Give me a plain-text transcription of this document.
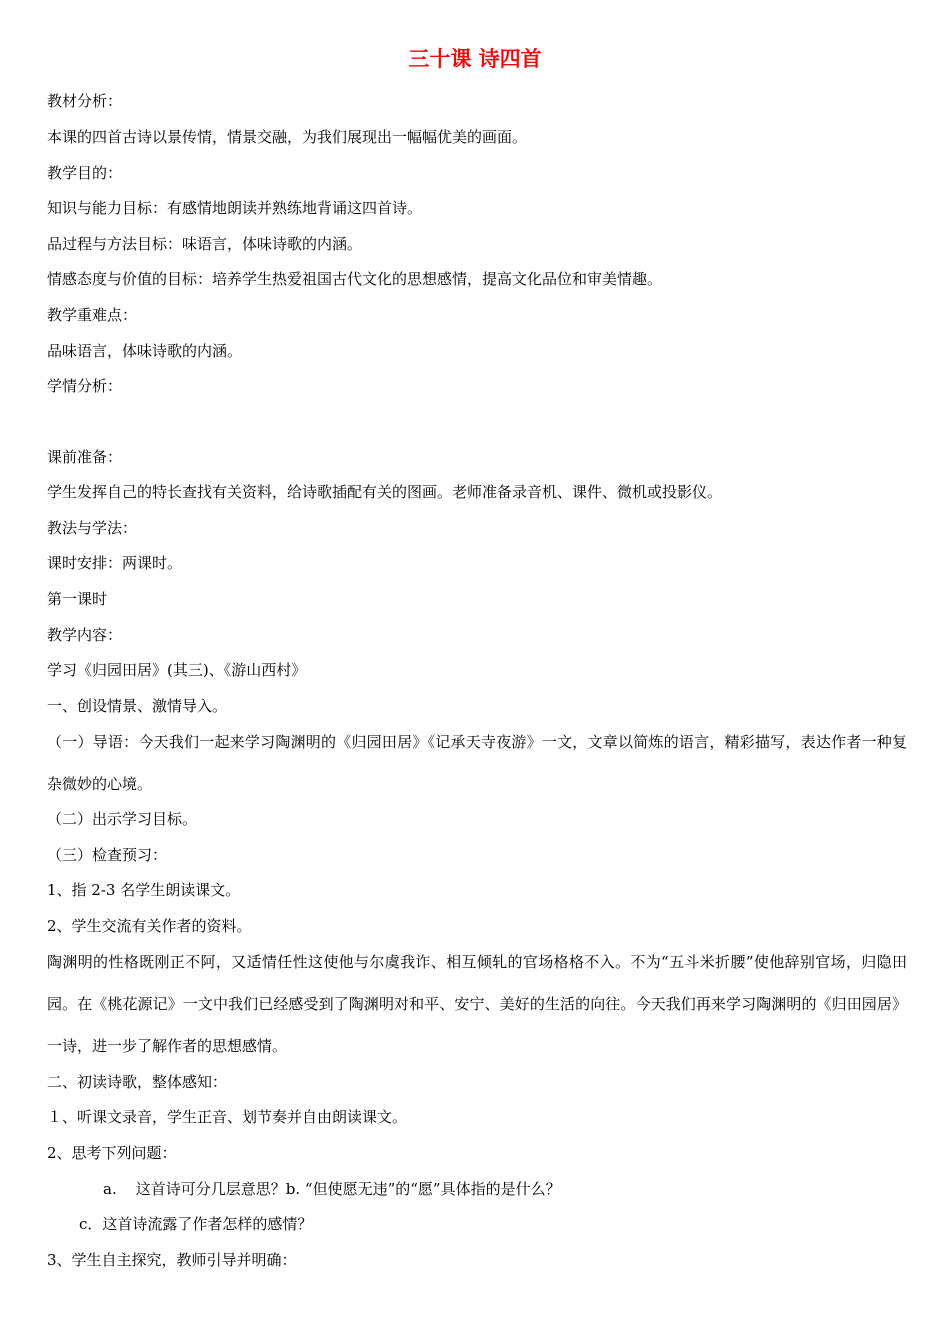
三十课 诗四首
教材分析：
本课的四首古诗以景传情，情景交融，为我们展现出一幅幅优美的画面。
教学目的：
知识与能力目标：有感情地朗读并熟练地背诵这四首诗。
品过程与方法目标：味语言，体味诗歌的内涵。
情感态度与价值的目标：培养学生热爱祖国古代文化的思想感情，提高文化品位和审美情趣。
教学重难点：
品味语言，体味诗歌的内涵。
学情分析：
课前准备：
学生发挥自己的特长查找有关资料，给诗歌插配有关的图画。老师准备录音机、课件、微机或投影仪。
教法与学法：
课时安排：两课时。
第一课时
教学内容：
学习《归园田居》(其三)、《游山西村》
一、创设情景、激情导入。
（一）导语：今天我们一起来学习陶渊明的《归园田居》《记承天寺夜游》一文，文章以简炼的语言，精彩描写，表达作者一种复杂微妙的心境。
（二）出示学习目标。
（三）检查预习：
1、指 2-3 名学生朗读课文。
2、学生交流有关作者的资料。
陶渊明的性格既刚正不阿，又适情任性这使他与尔虞我诈、相互倾轧的官场格格不入。不为“五斗米折腰”使他辞别官场，归隐田园。在《桃花源记》一文中我们已经感受到了陶渊明对和平、安宁、美好的生活的向往。今天我们再来学习陶渊明的《归田园居》一诗，进一步了解作者的思想感情。
二、初读诗歌，整体感知：
１、听课文录音，学生正音、划节奏并自由朗读课文。
2、思考下列问题：
a.    这首诗可分几层意思？b. “但使愿无违”的“愿”具体指的是什么？
c．这首诗流露了作者怎样的感情？
3、学生自主探究，教师引导并明确：
